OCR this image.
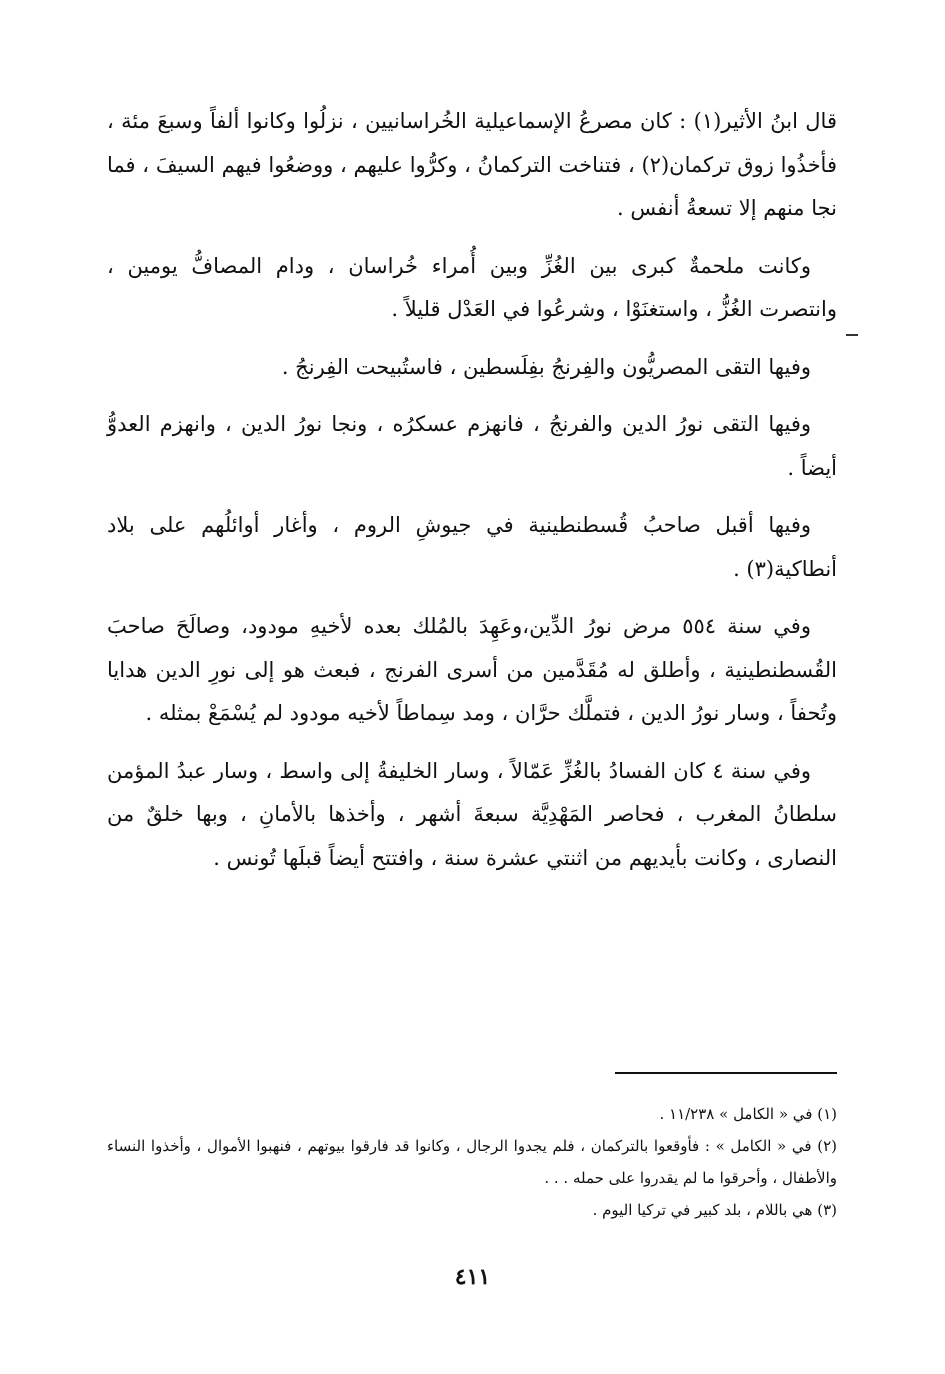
قال ابنُ الأثير(١) : كان مصرعُ الإسماعيلية الخُراسانيين ، نزلُوا وكانوا ألفاً وسبعَ مئة ، فأخذُوا زوق تركمان(٢) ، فتناخت التركمانُ ، وكرُّوا عليهم ، ووضعُوا فيهم السيفَ ، فما نجا منهم إلا تسعةُ أنفس .

وكانت ملحمةٌ كبرى بين الغُزِّ وبين أُمراء خُراسان ، ودام المصافُّ يومين ، وانتصرت الغُزُّ ، واستغنَوْا ، وشرعُوا في العَدْل قليلاً .

وفيها التقى المصريُّون والفِرنجُ بفِلَسطين ، فاستُبيحت الفِرنجُ .

وفيها التقى نورُ الدين والفرنجُ ، فانهزم عسكرُه ، ونجا نورُ الدين ، وانهزم العدوُّ أيضاً .

وفيها أقبل صاحبُ قُسطنطينية في جيوشِ الروم ، وأغار أوائلُهم على بلاد أنطاكية(٣) .

وفي سنة ٥٥٤ مرض نورُ الدِّين،وعَهِدَ بالمُلك بعده لأخيهِ مودود، وصالَحَ صاحبَ القُسطنطينية ، وأطلق له مُقَدَّمين من أسرى الفرنج ، فبعث هو إلى نورِ الدين هدايا وتُحفاً ، وسار نورُ الدين ، فتملَّك حرَّان ، ومد سِماطاً لأخيه مودود لم يُسْمَعْ بمثله .

وفي سنة ٤ كان الفسادُ بالغُزِّ عَمّالاً ، وسار الخليفةُ إلى واسط ، وسار عبدُ المؤمن سلطانُ المغرب ، فحاصر المَهْدِيَّة سبعةَ أشهر ، وأخذها بالأمانِ ، وبها خلقٌ من النصارى ، وكانت بأيديهم من اثنتي عشرة سنة ، وافتتح أيضاً قبلَها تُونس .

(١) في « الكامل » ١١/٢٣٨ .

(٢) في « الكامل » : فأوقعوا بالتركمان ، فلم يجدوا الرجال ، وكانوا قد فارقوا بيوتهم ، فنهبوا الأموال ، وأخذوا النساء والأطفال ، وأحرقوا ما لم يقدروا على حمله . . .

(٣) هي باللام ، بلد كبير في تركيا اليوم .

٤١١
